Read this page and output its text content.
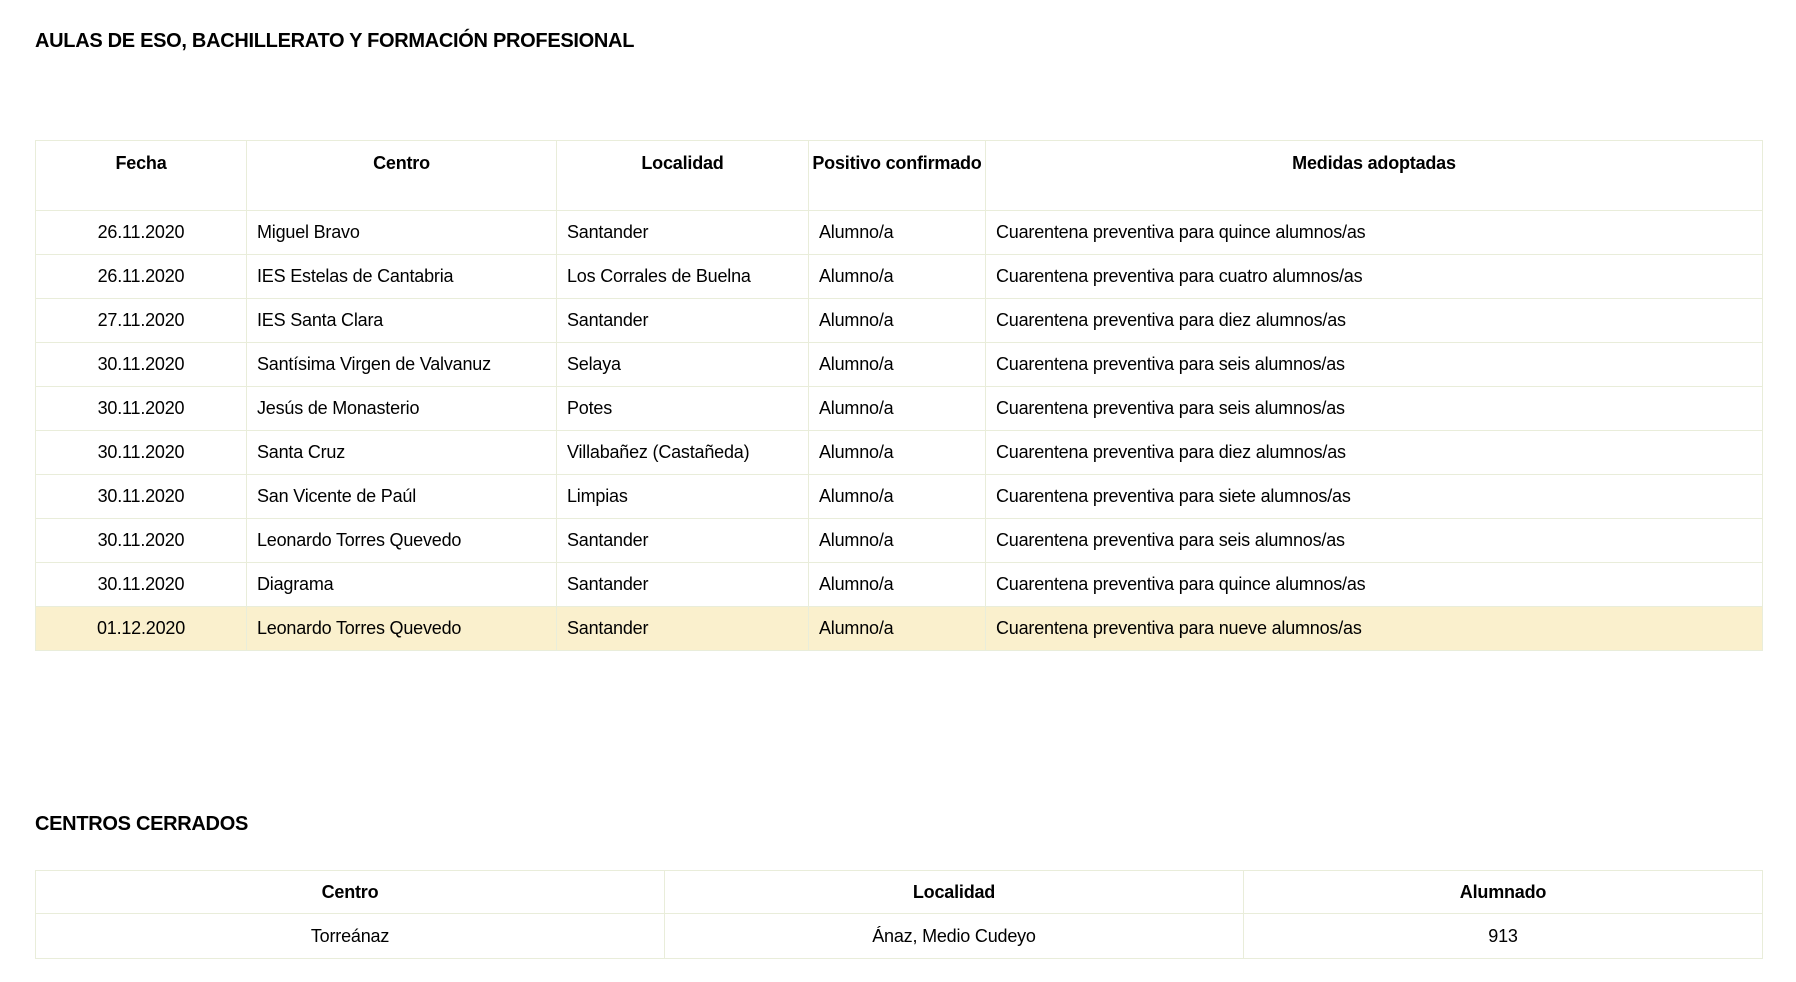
AULAS DE ESO, BACHILLERATO Y FORMACIÓN PROFESIONAL
Fecha	Centro	Localidad	Positivo confirmado	Medidas adoptadas
26.11.2020	Miguel Bravo	Santander	Alumno/a	Cuarentena preventiva para quince alumnos/as
26.11.2020	IES Estelas de Cantabria	Los Corrales de Buelna	Alumno/a	Cuarentena preventiva para cuatro alumnos/as
27.11.2020	IES Santa Clara	Santander	Alumno/a	Cuarentena preventiva para diez alumnos/as
30.11.2020	Santísima Virgen de Valvanuz	Selaya	Alumno/a	Cuarentena preventiva para seis alumnos/as
30.11.2020	Jesús de Monasterio	Potes	Alumno/a	Cuarentena preventiva para seis alumnos/as
30.11.2020	Santa Cruz	Villabañez (Castañeda)	Alumno/a	Cuarentena preventiva para diez alumnos/as
30.11.2020	San Vicente de Paúl	Limpias	Alumno/a	Cuarentena preventiva para siete alumnos/as
30.11.2020	Leonardo Torres Quevedo	Santander	Alumno/a	Cuarentena preventiva para seis alumnos/as
30.11.2020	Diagrama	Santander	Alumno/a	Cuarentena preventiva para quince alumnos/as
01.12.2020	Leonardo Torres Quevedo	Santander	Alumno/a	Cuarentena preventiva para nueve alumnos/as
CENTROS CERRADOS
Centro	Localidad	Alumnado
Torreánaz	Ánaz, Medio Cudeyo	913
